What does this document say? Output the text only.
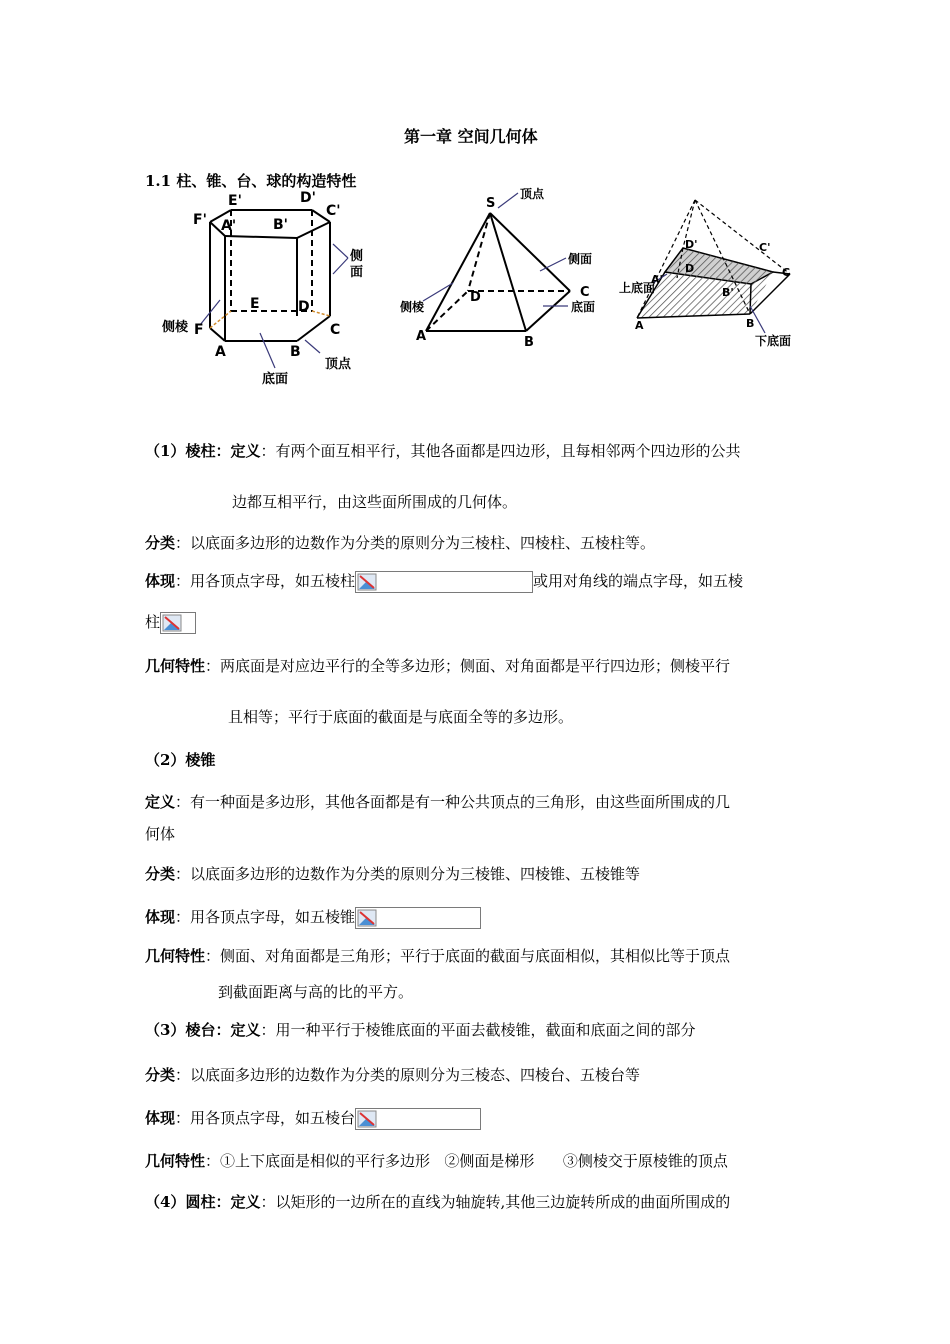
第一章 空间几何体
1.1 柱、锥、台、球的构造特性
E'	D'
F' A'	B'
C'
E	D
F
A	B
C
侧
面
侧棱
底面
顶点
S
A	B
C
D
顶点
侧面
侧棱	底面
D'	C'
A'
B'
D	C
A	B
上底面
下底面
（1）棱柱：定义：有两个面互相平行，其他各面都是四边形，且每相邻两个四边形的公共
边都互相平行，由这些面所围成的几何体。
分类：以底面多边形的边数作为分类的原则分为三棱柱、四棱柱、五棱柱等。
体现：用各顶点字母，如五棱柱	或用对角线的端点字母，如五棱
柱
几何特性：两底面是对应边平行的全等多边形；侧面、对角面都是平行四边形；侧棱平行
且相等；平行于底面的截面是与底面全等的多边形。
（2）棱锥
定义：有一种面是多边形，其他各面都是有一种公共顶点的三角形，由这些面所围成的几
何体
分类：以底面多边形的边数作为分类的原则分为三棱锥、四棱锥、五棱锥等
体现：用各顶点字母，如五棱锥
几何特性：侧面、对角面都是三角形；平行于底面的截面与底面相似，其相似比等于顶点
到截面距离与高的比的平方。
（3）棱台：定义：用一种平行于棱锥底面的平面去截棱锥，截面和底面之间的部分
分类：以底面多边形的边数作为分类的原则分为三棱态、四棱台、五棱台等
体现：用各顶点字母，如五棱台
几何特性：①上下底面是相似的平行多边形   ②侧面是梯形      ③侧棱交于原棱锥的顶点
（4）圆柱：定义：以矩形的一边所在的直线为轴旋转,其他三边旋转所成的曲面所围成的
